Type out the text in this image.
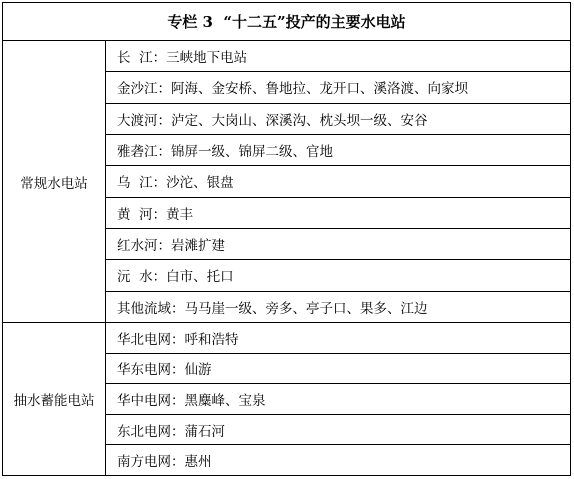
专栏 3  “十二五”投产的主要水电站
常规水电站
长  江：三峡地下电站
金沙江：阿海、金安桥、鲁地拉、龙开口、溪洛渡、向家坝
大渡河：泸定、大岗山、深溪沟、枕头坝一级、安谷
雅砻江：锦屏一级、锦屏二级、官地
乌  江：沙沱、银盘
黄  河：黄丰
红水河：岩滩扩建
沅  水：白市、托口
其他流域：马马崖一级、旁多、亭子口、果多、江边
抽水蓄能电站
华北电网：呼和浩特
华东电网：仙游
华中电网：黑麋峰、宝泉
东北电网：蒲石河
南方电网：惠州
